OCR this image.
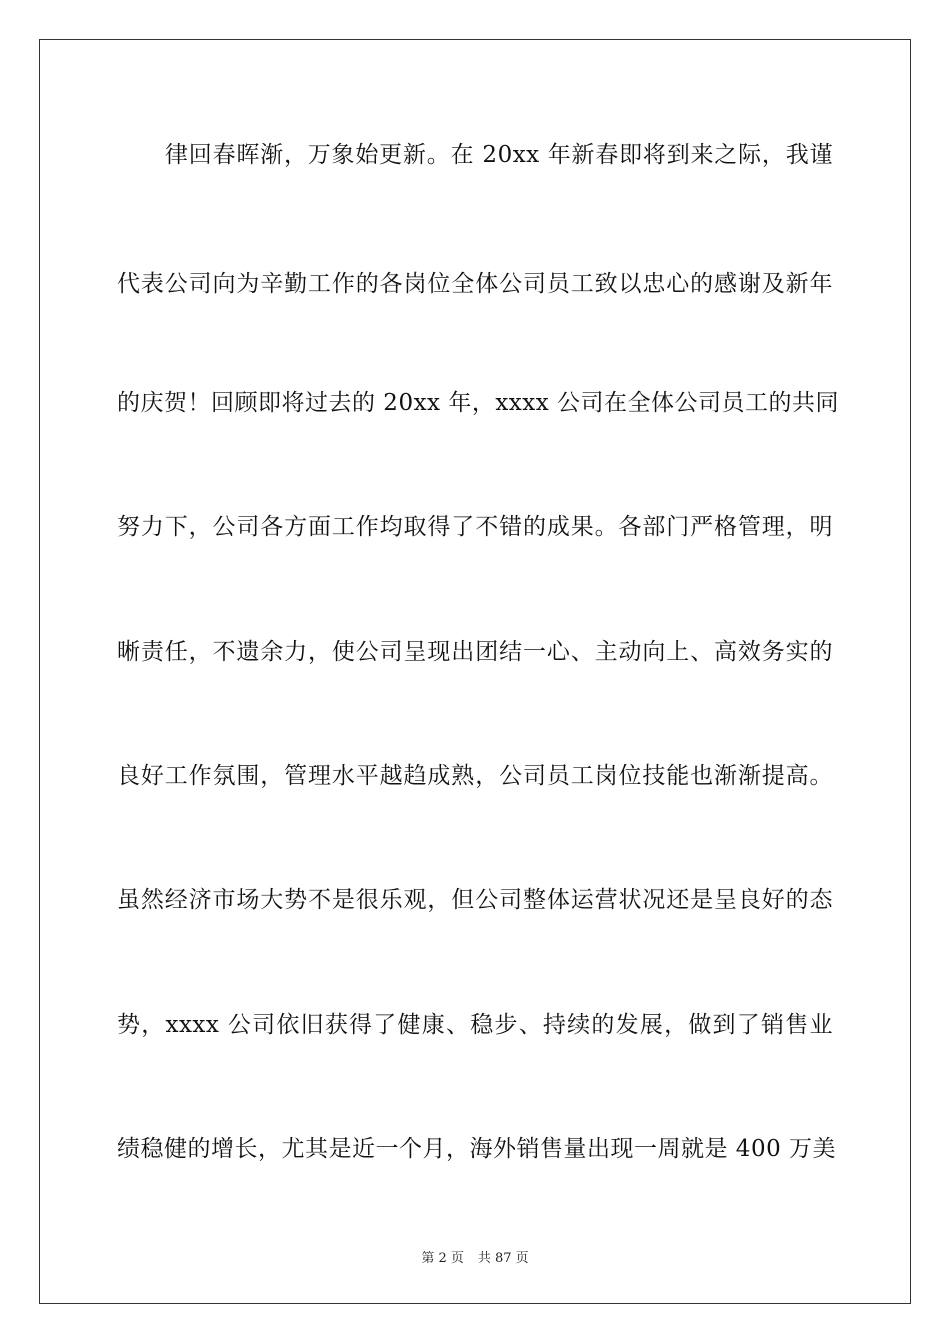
律回春晖渐，万象始更新。在 20xx 年新春即将到来之际，我谨
代表公司向为辛勤工作的各岗位全体公司员工致以忠心的感谢及新年
的庆贺！回顾即将过去的 20xx 年，xxxx 公司在全体公司员工的共同
努力下，公司各方面工作均取得了不错的成果。各部门严格管理，明
晰责任，不遗余力，使公司呈现出团结一心、主动向上、高效务实的
良好工作氛围，管理水平越趋成熟，公司员工岗位技能也渐渐提高。
虽然经济市场大势不是很乐观，但公司整体运营状况还是呈良好的态
势，xxxx 公司依旧获得了健康、稳步、持续的发展，做到了销售业
绩稳健的增长，尤其是近一个月，海外销售量出现一周就是 400 万美
第 2 页 共 87 页
